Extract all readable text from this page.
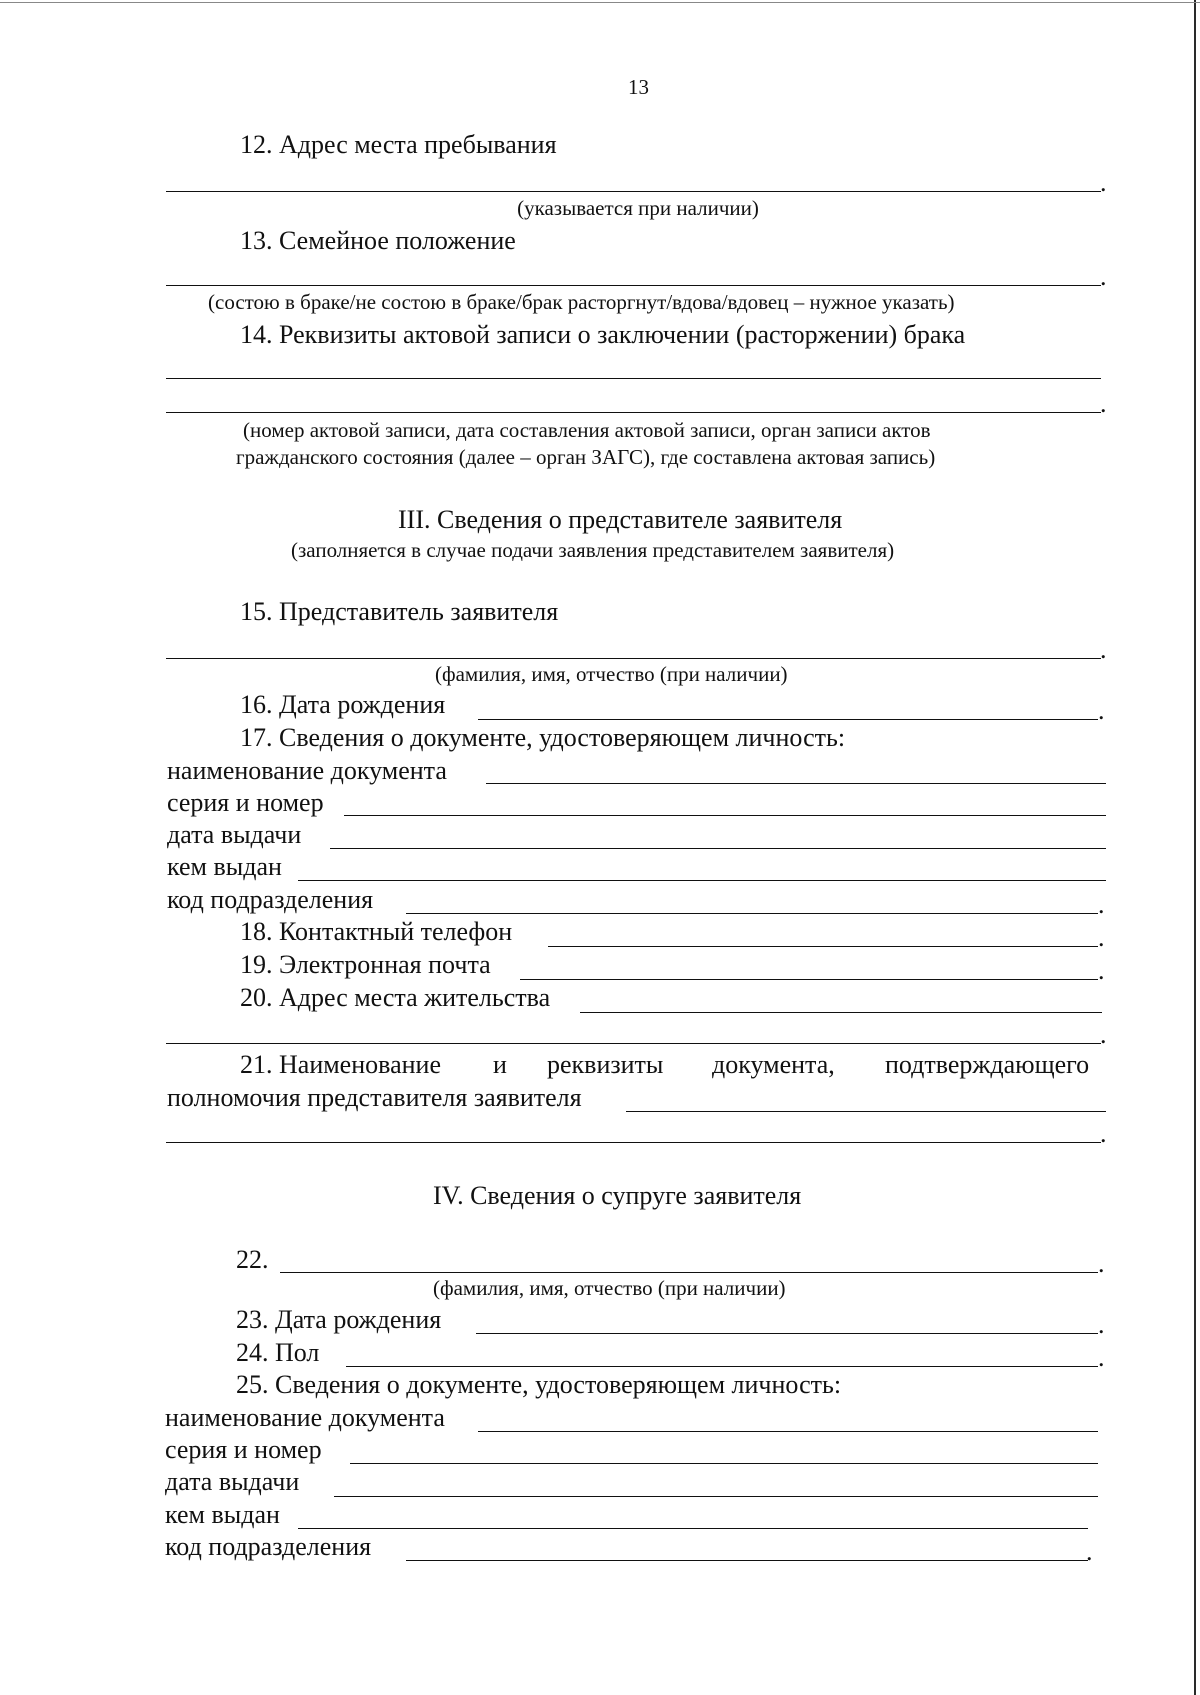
13
12. Адрес места пребывания
.
(указывается при наличии)
13. Семейное положение
.
(состою в браке/не состою в браке/брак расторгнут/вдова/вдовец – нужное указать)
14. Реквизиты актовой записи о заключении (расторжении) брака
.
(номер актовой записи, дата составления актовой записи, орган записи актов
гражданского состояния (далее – орган ЗАГС), где составлена актовая запись)
III. Сведения о представителе заявителя
(заполняется в случае подачи заявления представителем заявителя)
15. Представитель заявителя
.
(фамилия, имя, отчество (при наличии)
16. Дата рождения	.
17. Сведения о документе, удостоверяющем личность:
наименование документа
серия и номер
дата выдачи
кем выдан
код подразделения	.
18. Контактный телефон	.
19. Электронная почта	.
20. Адрес места жительства
.
21. Наименование и реквизиты документа, подтверждающего
полномочия представителя заявителя
.
IV. Сведения о супруге заявителя
22.	.
(фамилия, имя, отчество (при наличии)
23. Дата рождения	.
24. Пол	.
25. Сведения о документе, удостоверяющем личность:
наименование документа
серия и номер
дата выдачи
кем выдан
код подразделения	.
